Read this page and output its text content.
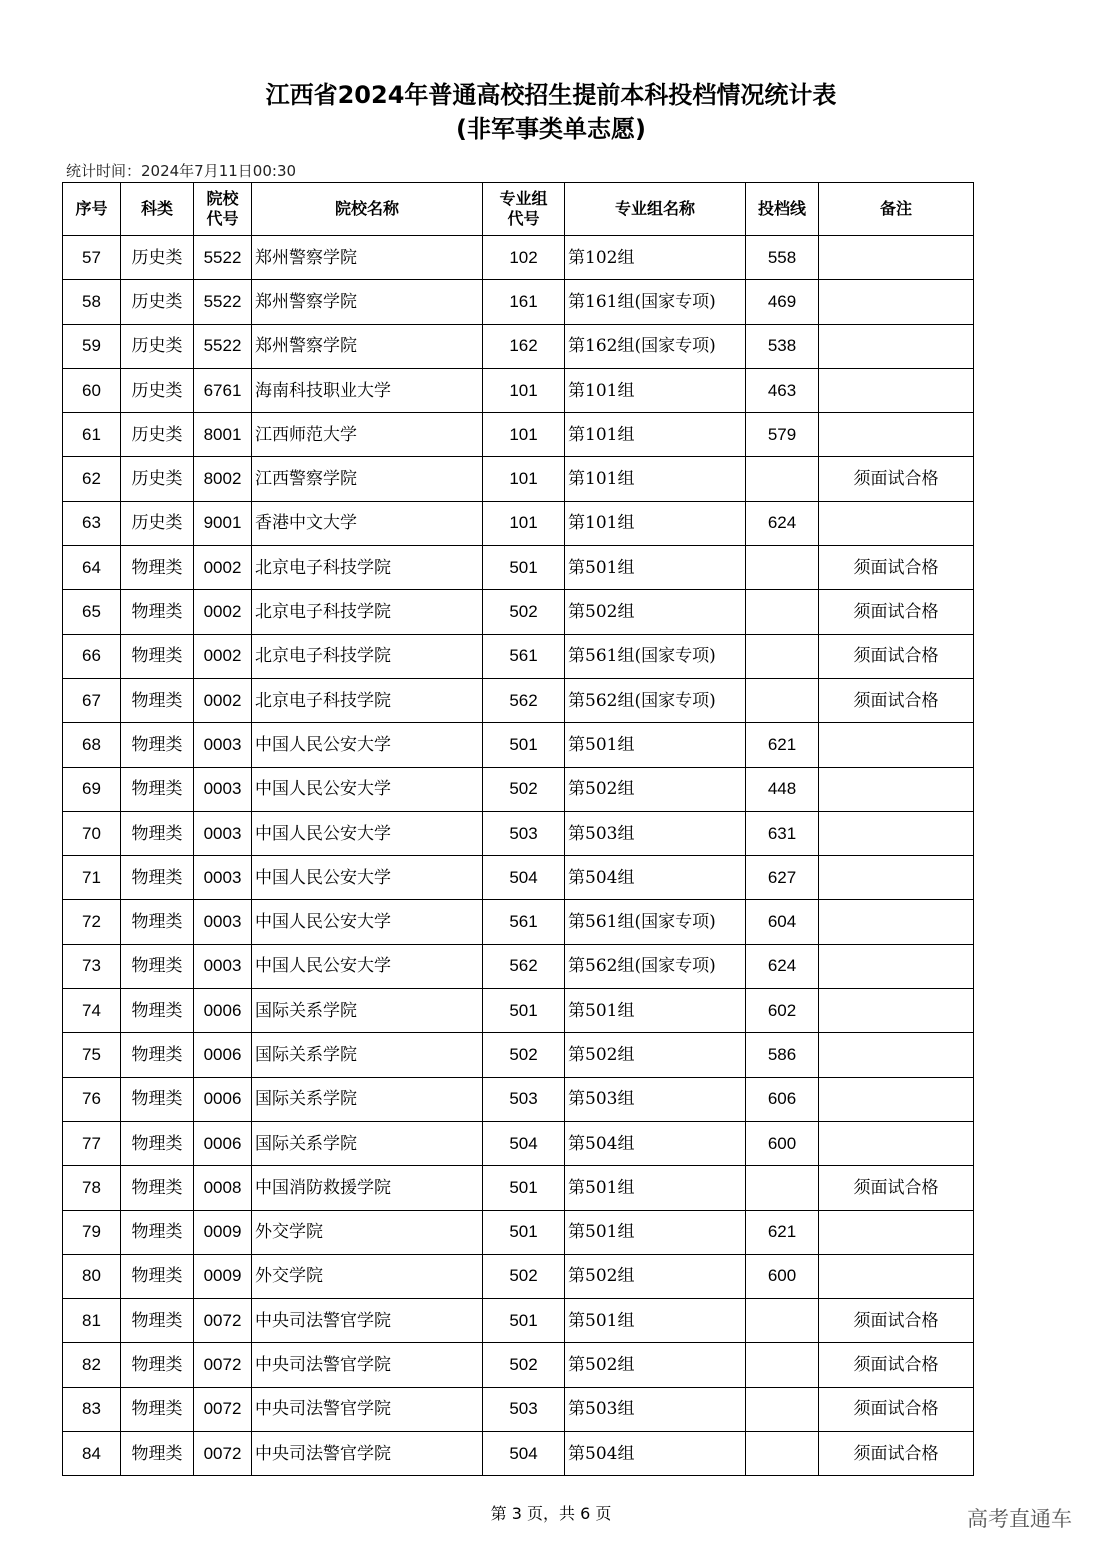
江西省2024年普通高校招生提前本科投档情况统计表
(非军事类单志愿)
统计时间：2024年7月11日00:30
序号	科类	院校代号	院校名称	专业组代号	专业组名称	投档线	备注
57	历史类	5522	郑州警察学院	102	第102组	558	
58	历史类	5522	郑州警察学院	161	第161组(国家专项)	469	
59	历史类	5522	郑州警察学院	162	第162组(国家专项)	538	
60	历史类	6761	海南科技职业大学	101	第101组	463	
61	历史类	8001	江西师范大学	101	第101组	579	
62	历史类	8002	江西警察学院	101	第101组		须面试合格
63	历史类	9001	香港中文大学	101	第101组	624	
64	物理类	0002	北京电子科技学院	501	第501组		须面试合格
65	物理类	0002	北京电子科技学院	502	第502组		须面试合格
66	物理类	0002	北京电子科技学院	561	第561组(国家专项)		须面试合格
67	物理类	0002	北京电子科技学院	562	第562组(国家专项)		须面试合格
68	物理类	0003	中国人民公安大学	501	第501组	621	
69	物理类	0003	中国人民公安大学	502	第502组	448	
70	物理类	0003	中国人民公安大学	503	第503组	631	
71	物理类	0003	中国人民公安大学	504	第504组	627	
72	物理类	0003	中国人民公安大学	561	第561组(国家专项)	604	
73	物理类	0003	中国人民公安大学	562	第562组(国家专项)	624	
74	物理类	0006	国际关系学院	501	第501组	602	
75	物理类	0006	国际关系学院	502	第502组	586	
76	物理类	0006	国际关系学院	503	第503组	606	
77	物理类	0006	国际关系学院	504	第504组	600	
78	物理类	0008	中国消防救援学院	501	第501组		须面试合格
79	物理类	0009	外交学院	501	第501组	621	
80	物理类	0009	外交学院	502	第502组	600	
81	物理类	0072	中央司法警官学院	501	第501组		须面试合格
82	物理类	0072	中央司法警官学院	502	第502组		须面试合格
83	物理类	0072	中央司法警官学院	503	第503组		须面试合格
84	物理类	0072	中央司法警官学院	504	第504组		须面试合格
第 3 页，共 6 页	高考直通车
